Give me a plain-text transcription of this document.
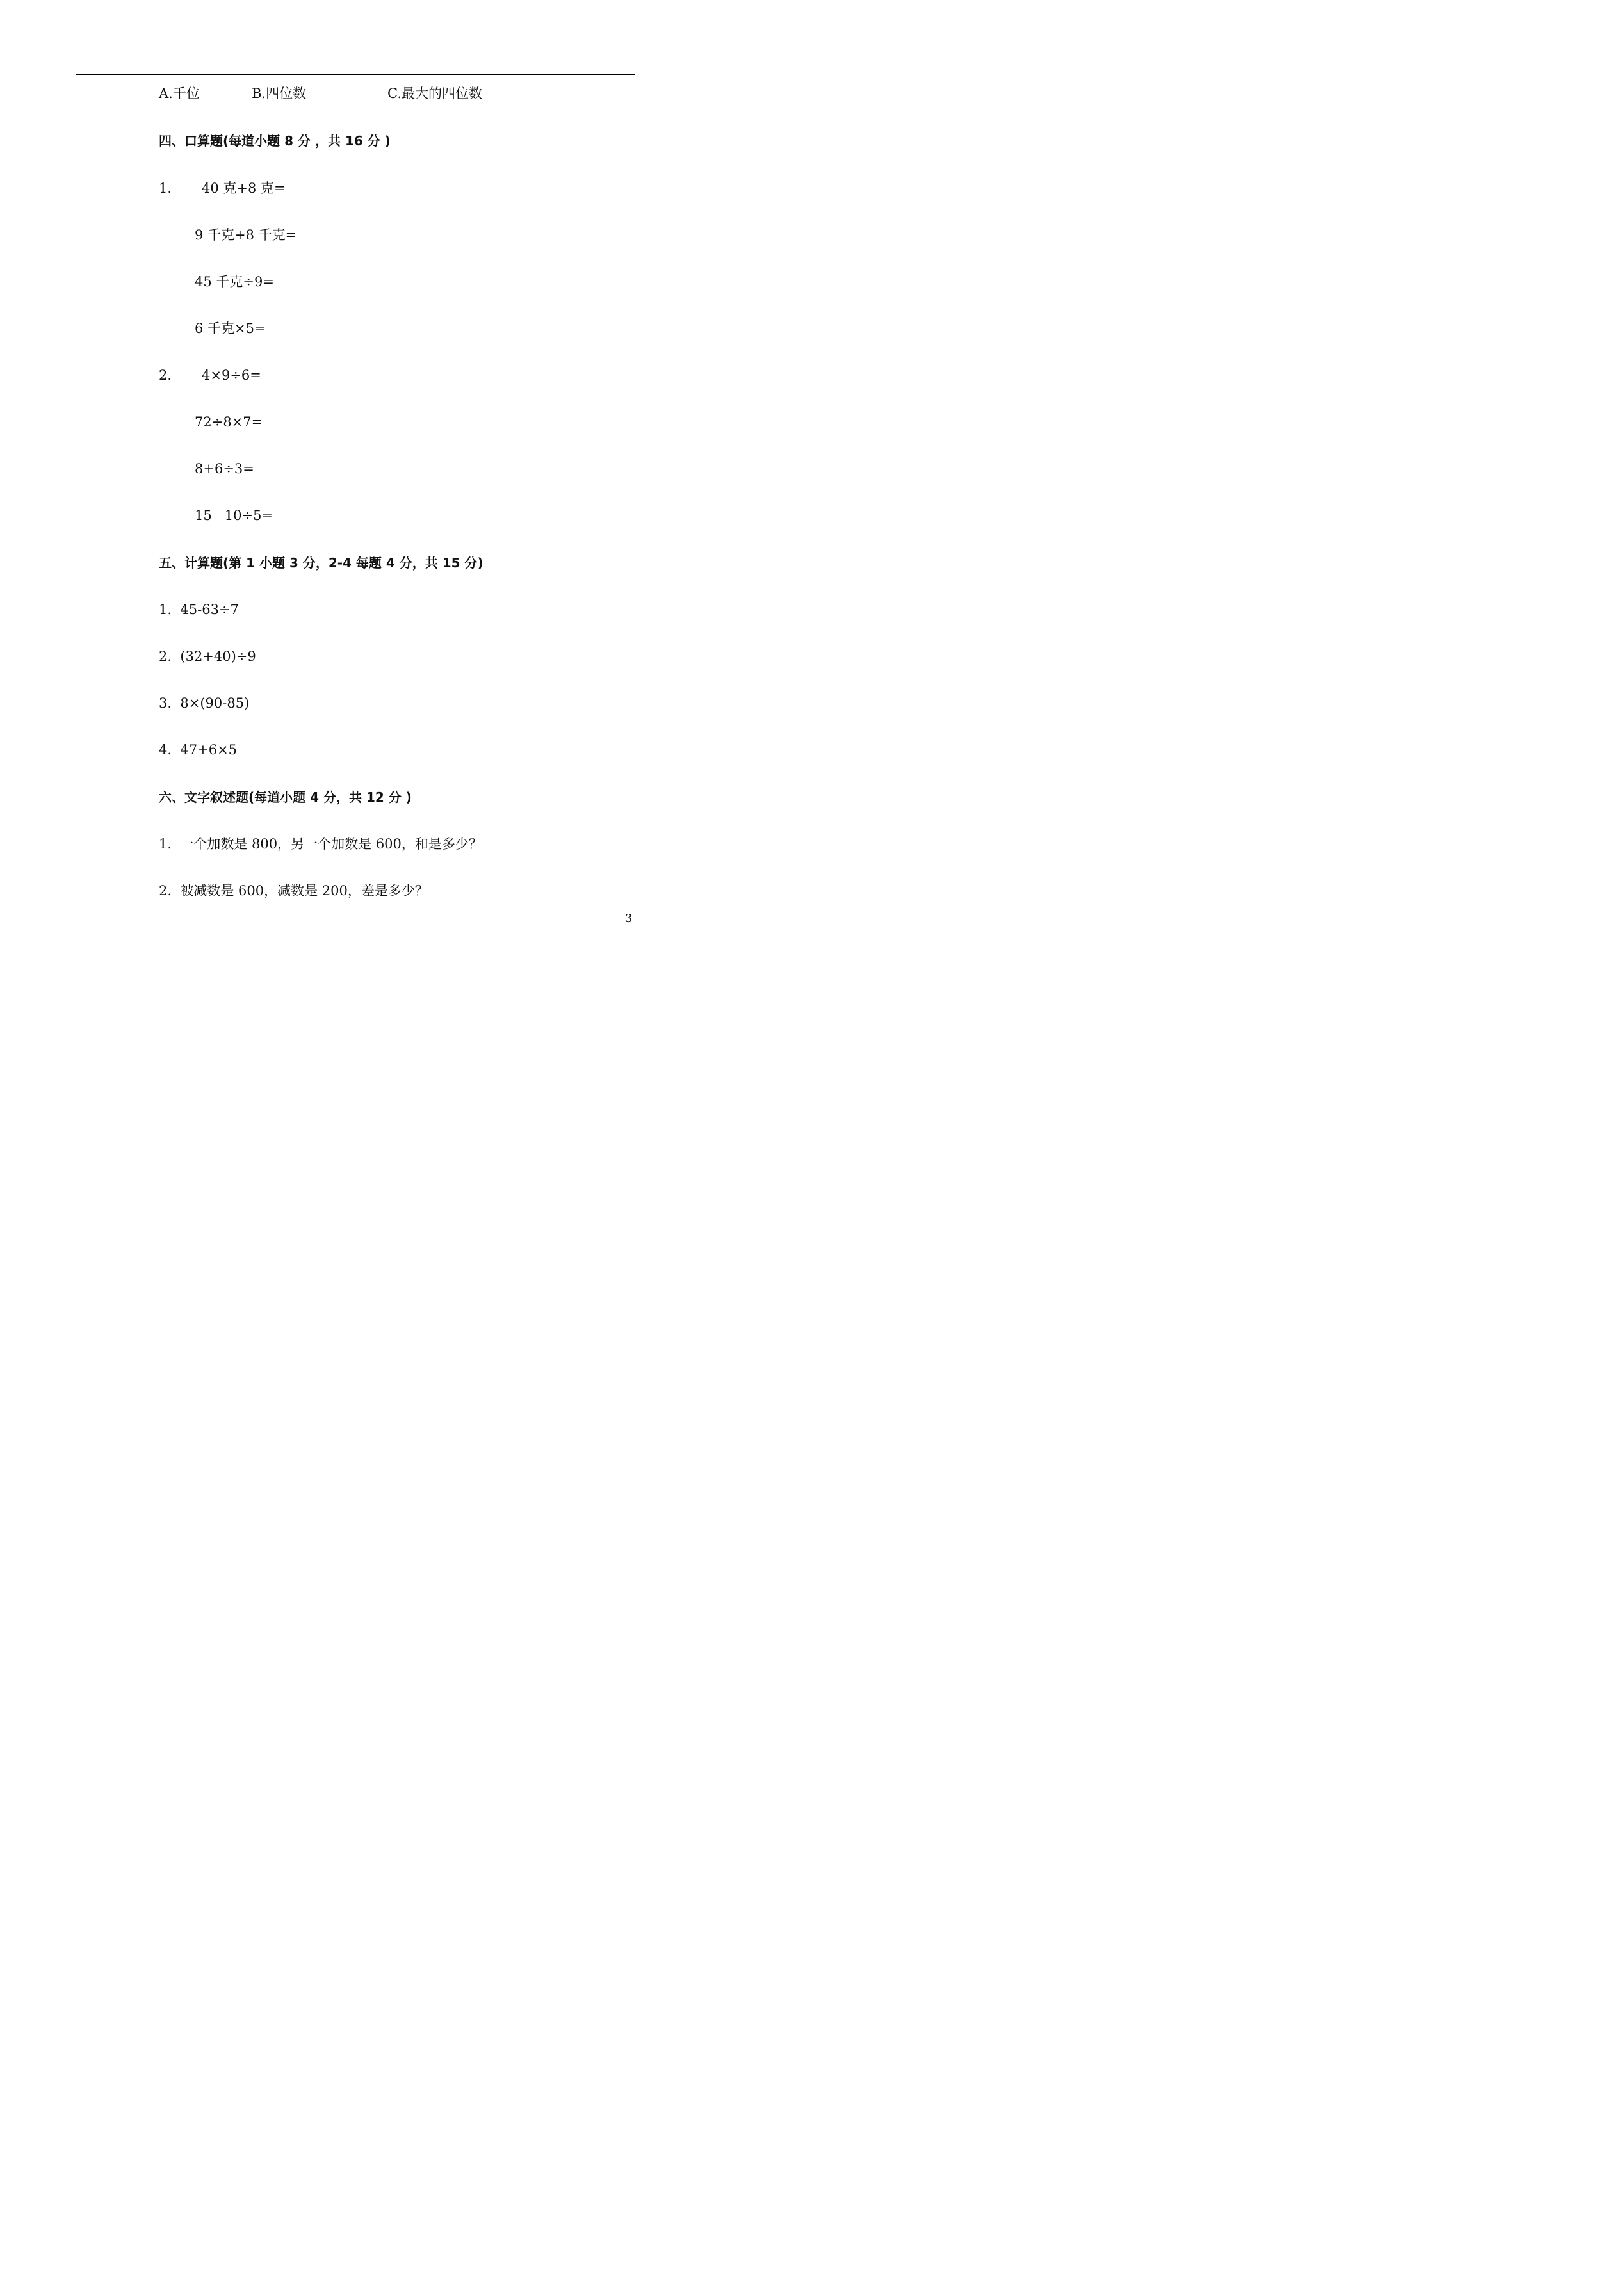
A.千位	B.四位数	C.最大的四位数
四、口算题(每道小题 8 分 ，共 16 分 )
1. 40 克+8 克=
9 千克+8 千克=
45 千克÷9=
6 千克×5=
2. 4×9÷6=
72÷8×7=
8+6÷3=
15   10÷5=
五、计算题(第 1 小题 3 分，2-4 每题 4 分，共 15 分)
1.  45-63÷7
2.  (32+40)÷9
3.  8×(90-85)
4.  47+6×5
六、文字叙述题(每道小题 4 分，共 12 分 )
1.  一个加数是 800，另一个加数是 600，和是多少？
2.  被减数是 600，减数是 200，差是多少？
3
